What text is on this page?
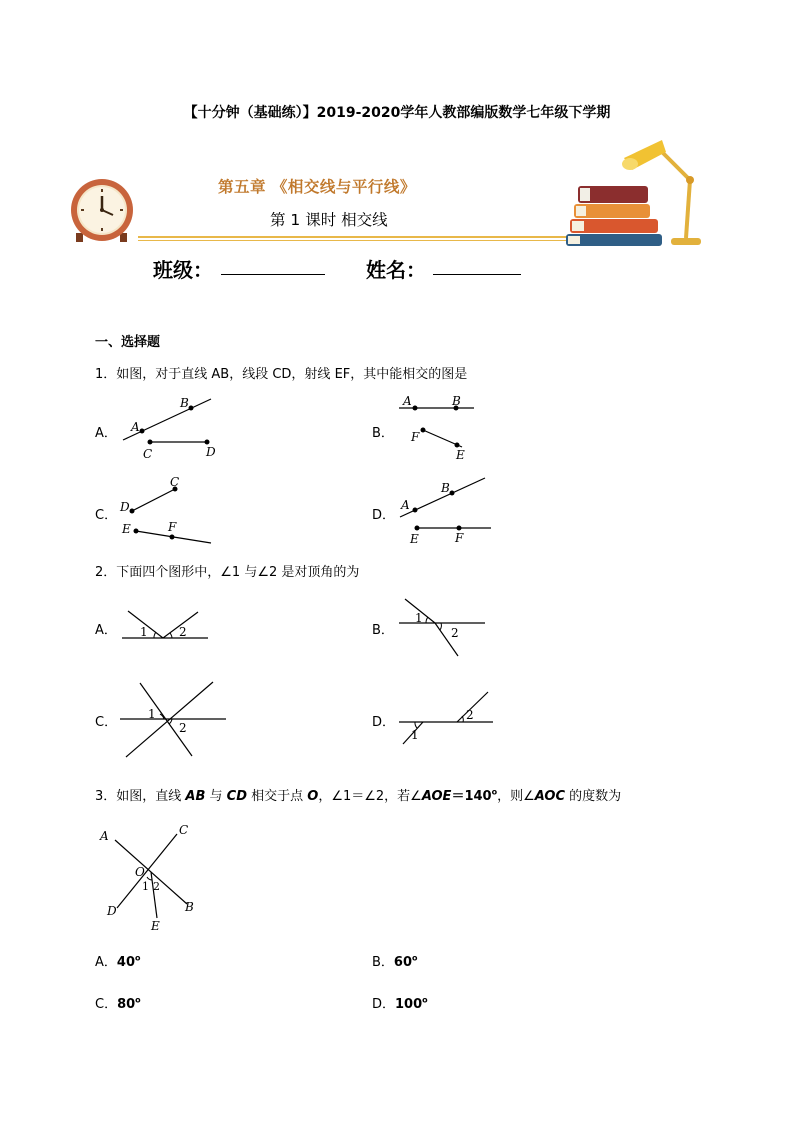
【十分钟（基础练）】2019-2020学年人教部编版数学七年级下学期
第五章 《相交线与平行线》
第 1 课时 相交线
班级：	姓名：
一、选择题
1．如图，对于直线 AB，线段 CD，射线 EF，其中能相交的图是
A． A
B
C	D
B．
A	B
F
E
C．
C
D
E	F
D．
A
B
E	F
2．下面四个图形中，∠1 与∠2 是对顶角的为
A． 1	2	B．
1
2
C．
1
2	D．
1
2
3．如图，直线 AB 与 CD 相交于点 O，∠1＝∠2，若$\angle AOE=140^o$，则∠AOC 的度数为
A	C
O
1 2
D	B
E
A．40$^o$	B．60$^o$
C．80$^o$	D．100$^o$
